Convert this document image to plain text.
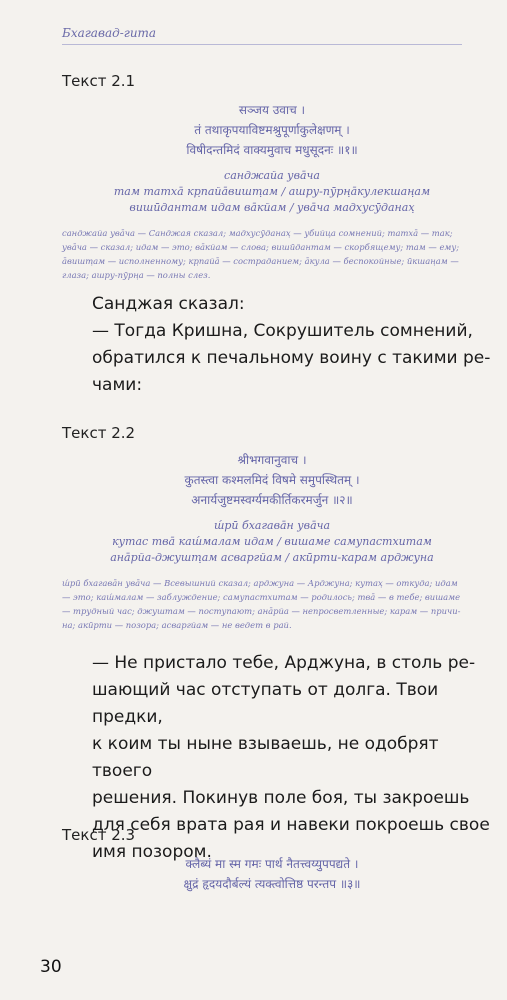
Бхагавад-гита

Текст 2.1

सञ्जय उवाच ।

तं तथाकृपयाविष्टमश्रुपूर्णाकुलेक्षणम् ।

विषीदन्तमिदं वाक्यमुवाच मधुसूदनः ॥१॥

санджайа ува̄ча

там татха̄ кр̣пайа̄вишт̣ам / ашру-пӯрн̣а̄кулекшан̣ам

вишӣдантам идам ва̄кйам / ува̄ча мадхусӯданах̣

санджайа ува̄ча — Санджая сказал; мадхусӯданах̣ — убийца сомнений; татха̄ — так;

ува̄ча — сказал; идам — это; ва̄кйам — слова; вишӣдантам — скорбящему; там — ему;

а̄вишт̣ам — исполненному; кр̣пайа̄ — состраданием; а̄кула — беспокойные; ӣкшан̣ам —

глаза; ашру-пӯрн̣а — полны слез.

Санджая сказал:

— Тогда Кришна, Сокрушитель сомнений,

обратился к печальному воину с такими ре-

чами:

Текст 2.2

श्रीभगवानुवाच ।

कुतस्त्वा कश्मलमिदं विषमे समुपस्थितम् ।

अनार्यजुष्टमस्वर्ग्यमकीर्तिकरमर्जुन ॥२॥

ш́рӣ бхагава̄н ува̄ча

кутас тва̄ каш́малам идам / вишаме самупастхитам

ана̄рйа-джушт̣ам асваргйам / акӣрти-карам арджуна

ш́рӣ бхагава̄н ува̄ча — Всевышний сказал; арджуна — Арджуна; кутах̣ — откуда; идам

— это; каш́малам — заблуждение; самупастхитам — родилось; тва̄ — в тебе; вишаме

— трудный час; джуштам — поступают; ана̄рйа — непросветленные; карам — причи-

на; акӣрти — позора; асваргйам — не ведет в рай.

— Не пристало тебе, Арджуна, в столь ре-

шающий час отступать от долга. Твои предки,

к коим ты ныне взываешь, не одобрят твоего

решения. Покинув поле боя, ты закроешь

для себя врата рая и навеки покроешь свое

имя позором.

Текст 2.3

क्लैब्यं मा स्म गमः पार्थ नैतत्त्वय्युपपद्यते ।

क्षुद्रं हृदयदौर्बल्यं त्यक्त्वोत्तिष्ठ परन्तप ॥३॥

30
